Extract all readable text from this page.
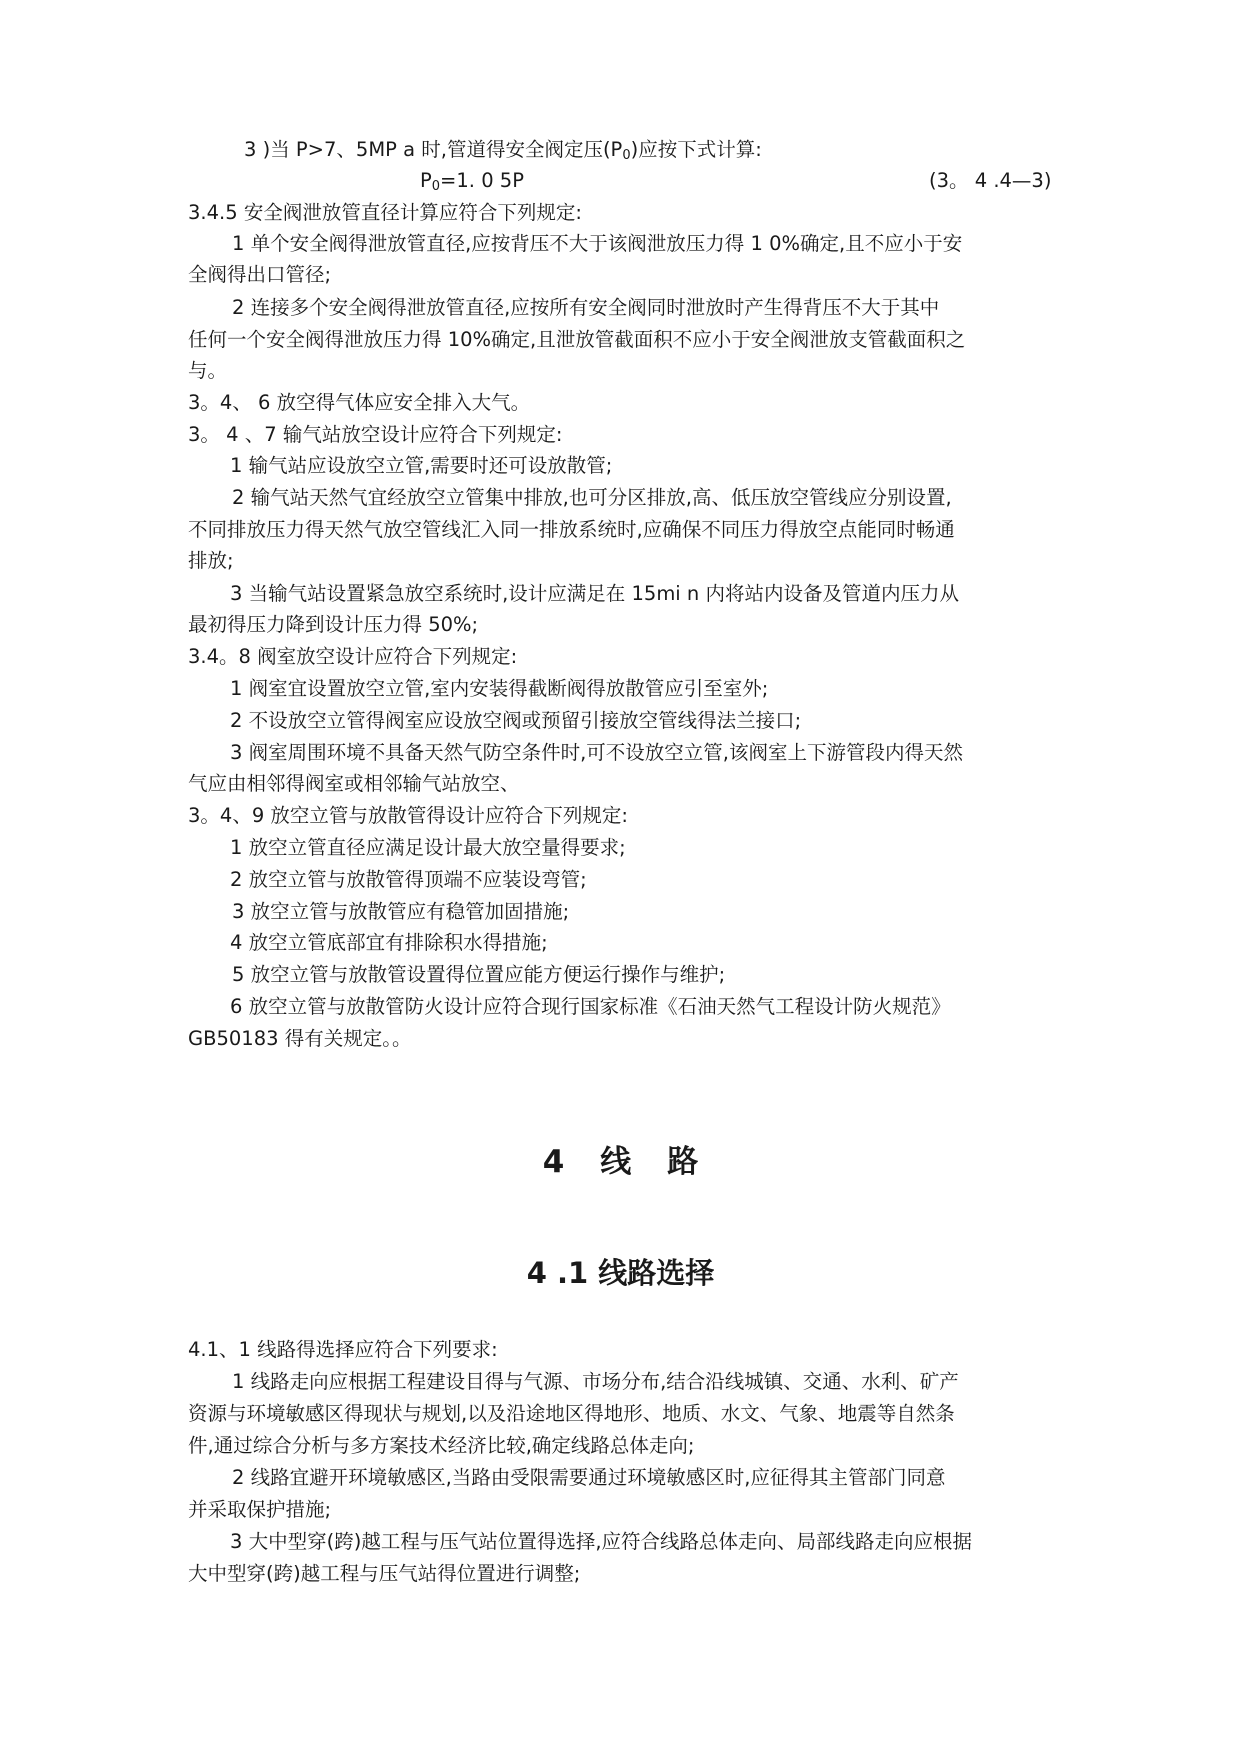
3 )当 P>7、5MP a 时,管道得安全阀定压$(P_0)$应按下式计算:
$P_0=1$. 0 5P	(3。 4 .4—3)
3.4.5 安全阀泄放管直径计算应符合下列规定:
1 单个安全阀得泄放管直径,应按背压不大于该阀泄放压力得 1 0%确定,且不应小于安
全阀得出口管径;
2 连接多个安全阀得泄放管直径,应按所有安全阀同时泄放时产生得背压不大于其中
任何一个安全阀得泄放压力得 10%确定,且泄放管截面积不应小于安全阀泄放支管截面积之
与。
3。4、 6 放空得气体应安全排入大气。
3。 4 、7 输气站放空设计应符合下列规定:
1 输气站应设放空立管,需要时还可设放散管;
2 输气站天然气宜经放空立管集中排放,也可分区排放,高、低压放空管线应分别设置,
不同排放压力得天然气放空管线汇入同一排放系统时,应确保不同压力得放空点能同时畅通
排放;
3 当输气站设置紧急放空系统时,设计应满足在 15mi n 内将站内设备及管道内压力从
最初得压力降到设计压力得 50%;
3.4。8 阀室放空设计应符合下列规定:
1 阀室宜设置放空立管,室内安装得截断阀得放散管应引至室外;
2 不设放空立管得阀室应设放空阀或预留引接放空管线得法兰接口;
3 阀室周围环境不具备天然气防空条件时,可不设放空立管,该阀室上下游管段内得天然
气应由相邻得阀室或相邻输气站放空、
3。4、9 放空立管与放散管得设计应符合下列规定:
1 放空立管直径应满足设计最大放空量得要求;
2 放空立管与放散管得顶端不应装设弯管;
3 放空立管与放散管应有稳管加固措施;
4 放空立管底部宜有排除积水得措施;
5 放空立管与放散管设置得位置应能方便运行操作与维护;
6 放空立管与放散管防火设计应符合现行国家标准《石油天然气工程设计防火规范》
GB50183 得有关规定。。
4 线 路
4 .1 线路选择
4.1、1 线路得选择应符合下列要求:
1 线路走向应根据工程建设目得与气源、市场分布,结合沿线城镇、交通、水利、矿产
资源与环境敏感区得现状与规划,以及沿途地区得地形、地质、水文、气象、地震等自然条
件,通过综合分析与多方案技术经济比较,确定线路总体走向;
2 线路宜避开环境敏感区,当路由受限需要通过环境敏感区时,应征得其主管部门同意
并采取保护措施;
3 大中型穿(跨)越工程与压气站位置得选择,应符合线路总体走向、局部线路走向应根据
大中型穿(跨)越工程与压气站得位置进行调整;
